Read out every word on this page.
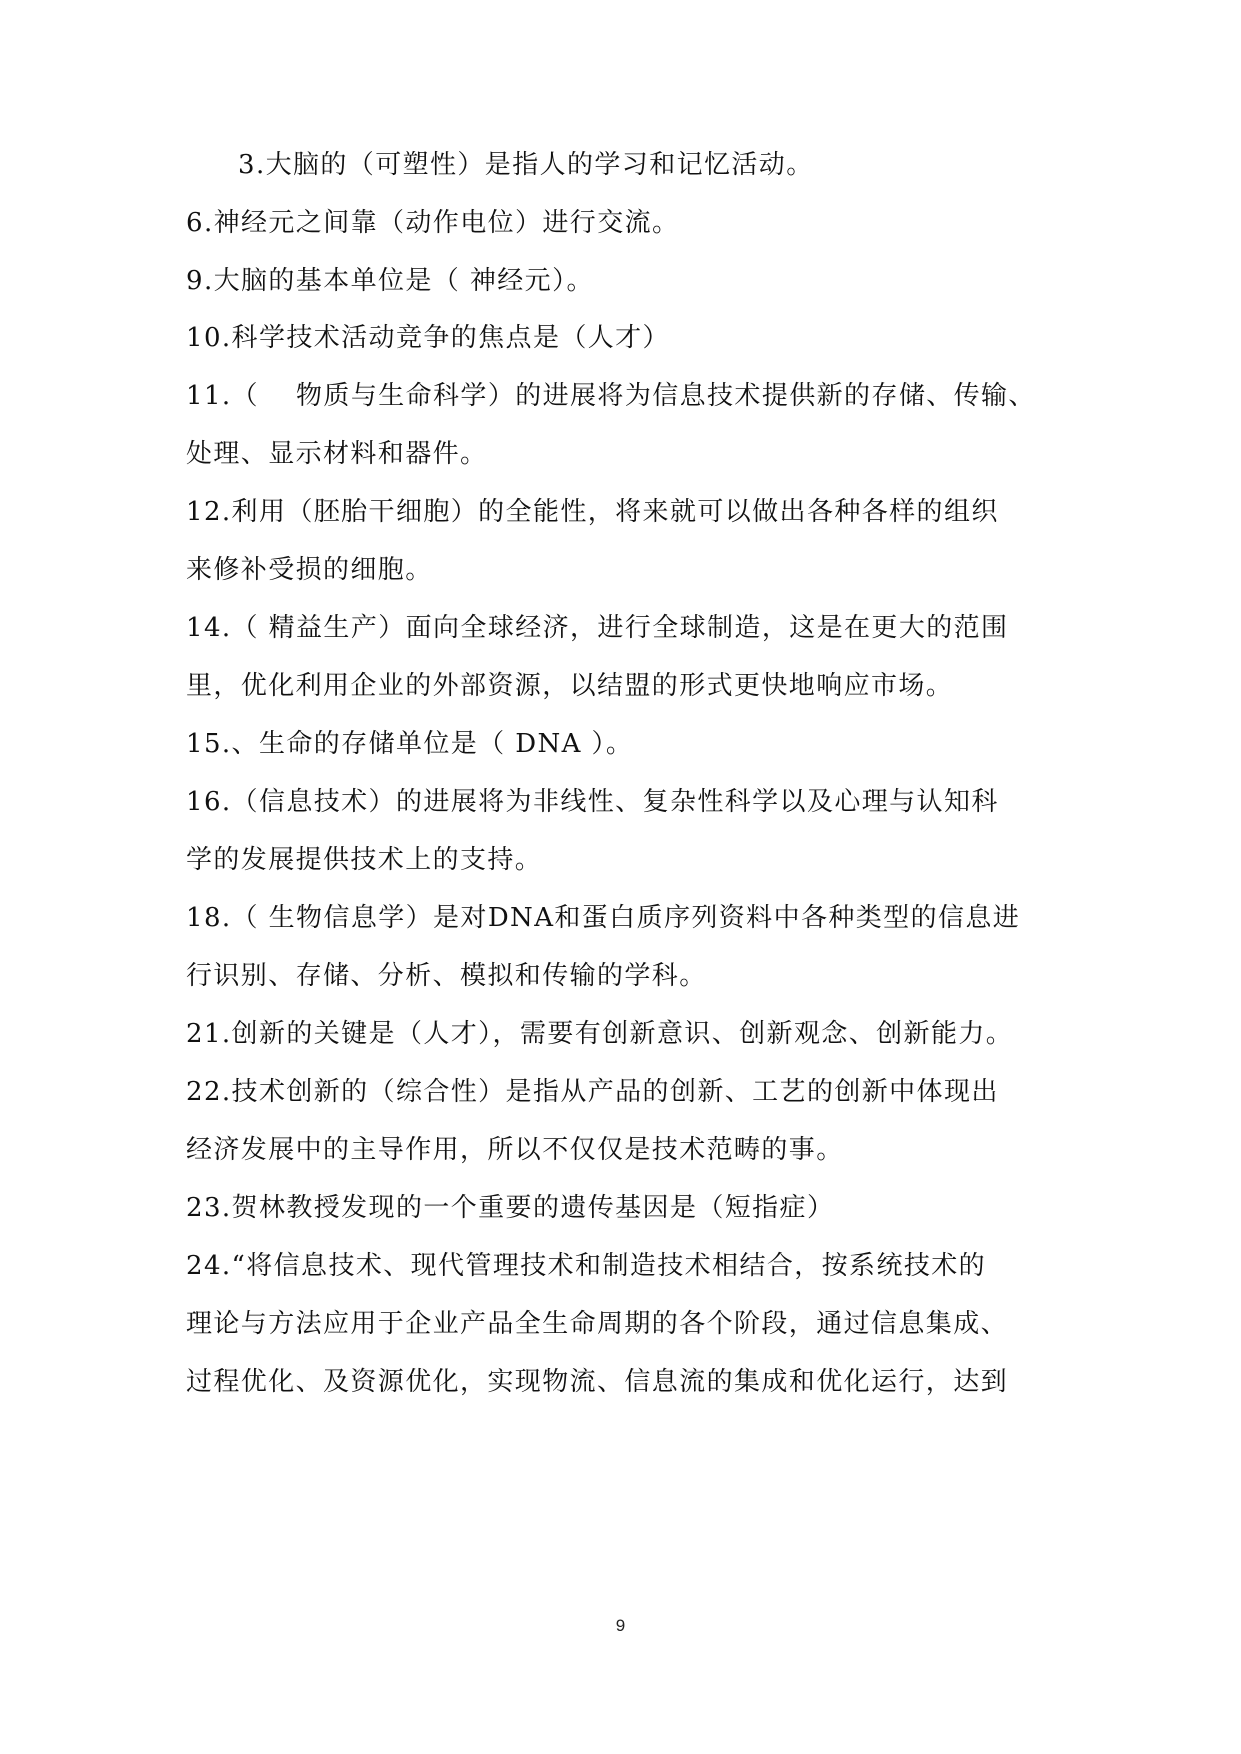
3.大脑的（可塑性）是指人的学习和记忆活动。
6.神经元之间靠（动作电位）进行交流。
9.大脑的基本单位是（ 神经元）。
10.科学技术活动竞争的焦点是（人才）
11.（　 物质与生命科学）的进展将为信息技术提供新的存储、传输、
处理、显示材料和器件。
12.利用（胚胎干细胞）的全能性，将来就可以做出各种各样的组织
来修补受损的细胞。
14.（ 精益生产）面向全球经济，进行全球制造，这是在更大的范围
里，优化利用企业的外部资源，以结盟的形式更快地响应市场。
15.、生命的存储单位是（ DNA ）。
16.（信息技术）的进展将为非线性、复杂性科学以及心理与认知科
学的发展提供技术上的支持。
18.（ 生物信息学）是对DNA和蛋白质序列资料中各种类型的信息进
行识别、存储、分析、模拟和传输的学科。
21.创新的关键是（人才），需要有创新意识、创新观念、创新能力。
22.技术创新的（综合性）是指从产品的创新、工艺的创新中体现出
经济发展中的主导作用，所以不仅仅是技术范畴的事。
23.贺林教授发现的一个重要的遗传基因是（短指症）
24.“将信息技术、现代管理技术和制造技术相结合，按系统技术的
理论与方法应用于企业产品全生命周期的各个阶段，通过信息集成、
过程优化、及资源优化，实现物流、信息流的集成和优化运行，达到
9
